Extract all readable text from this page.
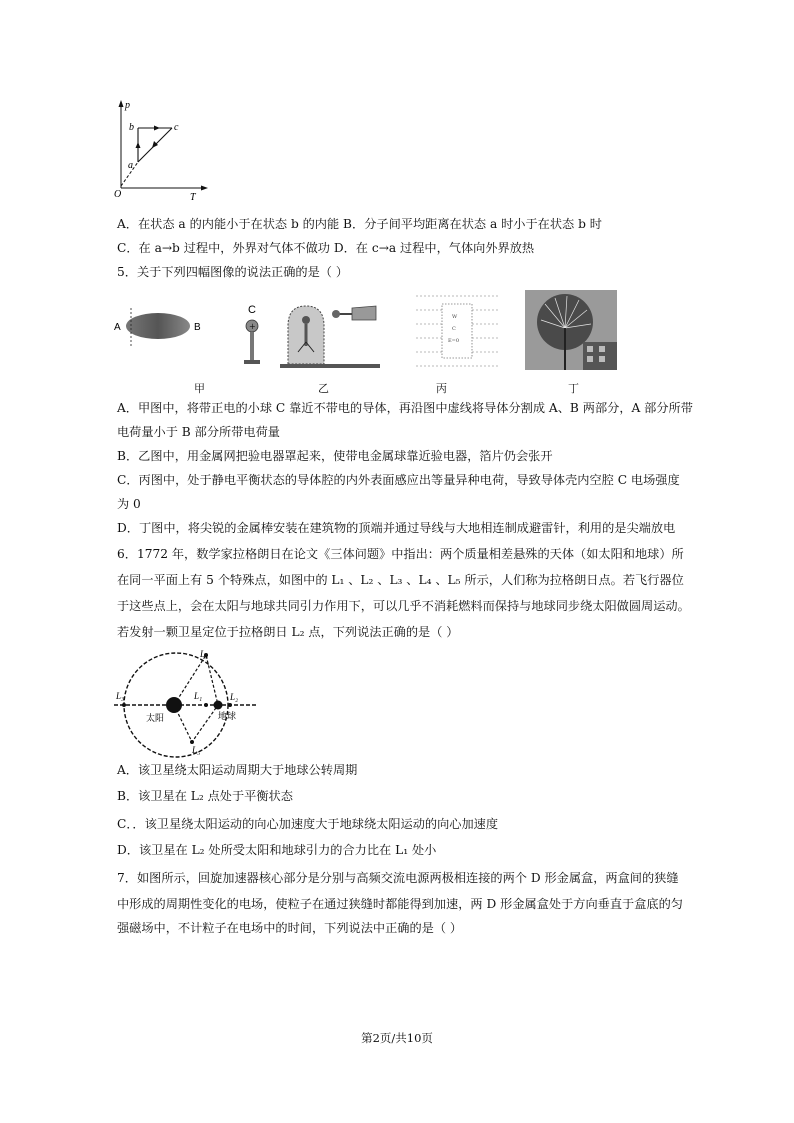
p
T
O
a
b	c
A．在状态 a 的内能小于在状态 b 的内能 B．分子间平均距离在状态 a 时小于在状态 b 时
C．在 a→b 过程中，外界对气体不做功 D．在 c→a 过程中，气体向外界放热
5．关于下列四幅图像的说法正确的是（ ）
A	B
C
+
W
C
E=0
甲	乙	丙	丁
A．甲图中，将带正电的小球 C 靠近不带电的导体，再沿图中虚线将导体分割成 A、B 两部分，A 部分所带
电荷量小于 B 部分所带电荷量
B．乙图中，用金属网把验电器罩起来，使带电金属球靠近验电器，箔片仍会张开
C．丙图中，处于静电平衡状态的导体腔的内外表面感应出等量异种电荷，导致导体壳内空腔 C 电场强度
为 0
D．丁图中，将尖锐的金属棒安装在建筑物的顶端并通过导线与大地相连制成避雷针，利用的是尖端放电
6．1772 年，数学家拉格朗日在论文《三体问题》中指出：两个质量相差悬殊的天体（如太阳和地球）所
在同一平面上有 5 个特殊点，如图中的 L₁ 、L₂ 、L₃ 、L₄ 、L₅ 所示，人们称为拉格朗日点。若飞行器位
于这些点上，会在太阳与地球共同引力作用下，可以几乎不消耗燃料而保持与地球同步绕太阳做圆周运动。
若发射一颗卫星定位于拉格朗日 L₂ 点，下列说法正确的是（ ）
L₄
L₃	L₁	L₂
太阳	地球
L₅
A．该卫星绕太阳运动周期大于地球公转周期
B．该卫星在 L₂ 点处于平衡状态
C．．该卫星绕太阳运动的向心加速度大于地球绕太阳运动的向心加速度
D．该卫星在 L₂ 处所受太阳和地球引力的合力比在 L₁ 处小
7．如图所示，回旋加速器核心部分是分别与高频交流电源两极相连接的两个 D 形金属盒，两盒间的狭缝
中形成的周期性变化的电场，使粒子在通过狭缝时都能得到加速，两 D 形金属盒处于方向垂直于盒底的匀
强磁场中，不计粒子在电场中的时间，下列说法中正确的是（ ）
第2页/共10页
